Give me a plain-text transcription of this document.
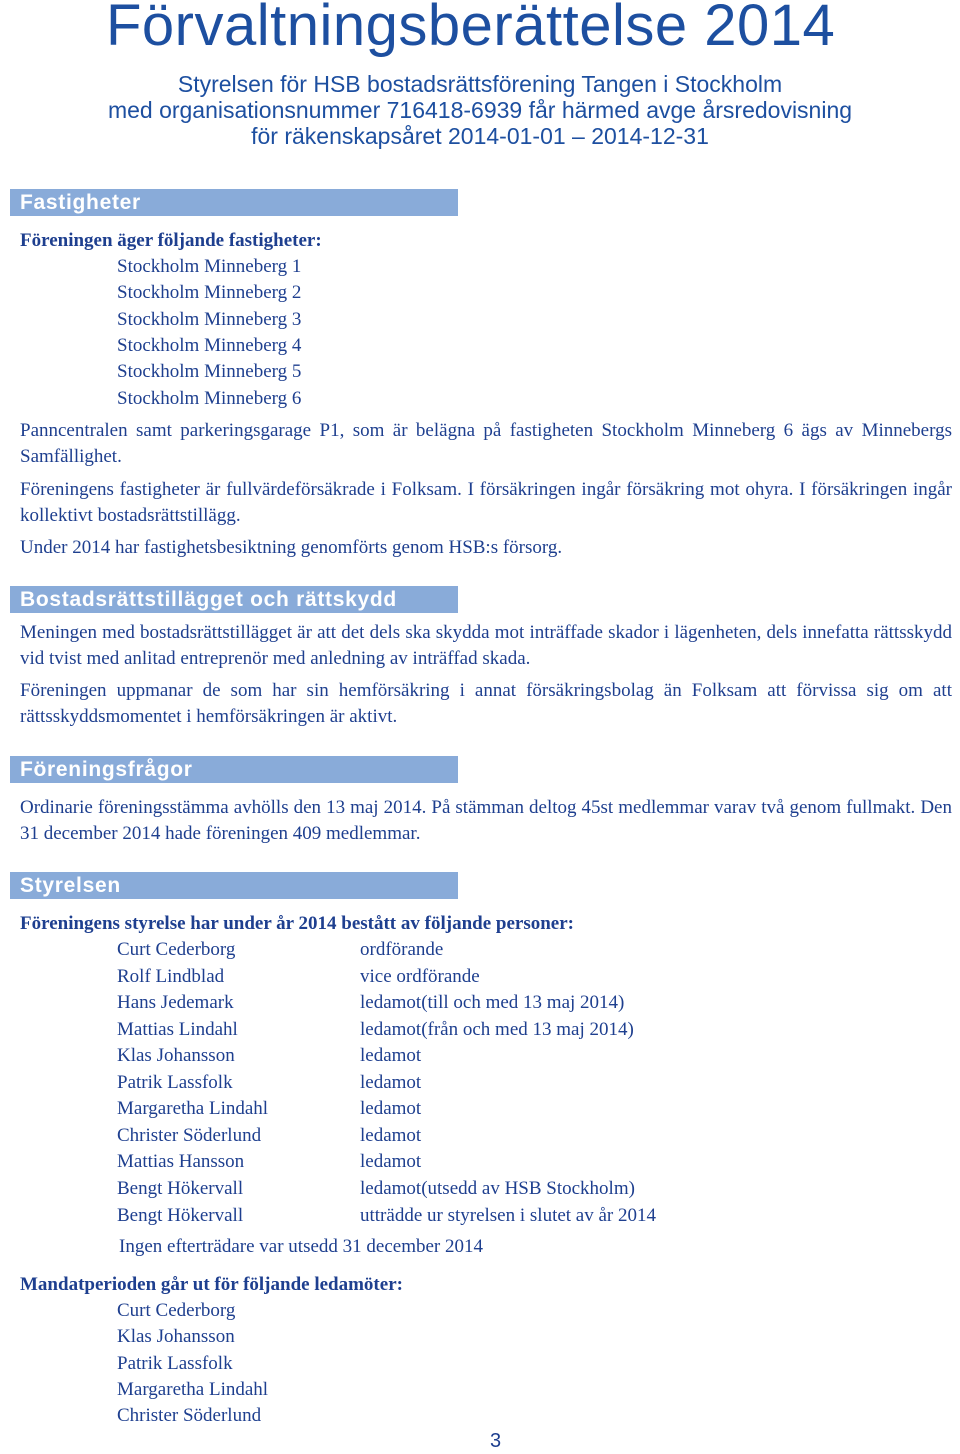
Förvaltningsberättelse 2014

Styrelsen för HSB bostadsrättsförening Tangen i Stockholm

med organisationsnummer 716418-6939 får härmed avge årsredovisning

för räkenskapsåret 2014-01-01 – 2014-12-31

Fastigheter

Föreningen äger följande fastigheter:

Stockholm Minneberg 1

Stockholm Minneberg 2

Stockholm Minneberg 3

Stockholm Minneberg 4

Stockholm Minneberg 5

Stockholm Minneberg 6

Panncentralen samt parkeringsgarage P1, som är belägna på fastigheten Stockholm Minneberg 6 ägs av Minnebergs Samfällighet.

Föreningens fastigheter är fullvärdeförsäkrade i Folksam. I försäkringen ingår försäkring mot ohyra. I försäkringen ingår kollektivt bostadsrättstillägg.

Under 2014 har fastighetsbesiktning genomförts genom HSB:s försorg.

Bostadsrättstillägget och rättskydd

Meningen med bostadsrättstillägget är att det dels ska skydda mot inträffade skador i lägenheten, dels innefatta rättsskydd vid tvist med anlitad entreprenör med anledning av inträffad skada.

Föreningen uppmanar de som har sin hemförsäkring i annat försäkringsbolag än Folksam att förvissa sig om att rättsskyddsmomentet i hemförsäkringen är aktivt.

Föreningsfrågor

Ordinarie föreningsstämma avhölls den 13 maj 2014. På stämman deltog 45st medlemmar varav två genom fullmakt. Den 31 december 2014 hade föreningen 409 medlemmar.

Styrelsen

Föreningens styrelse har under år 2014 bestått av följande personer:

Curt Cederborg	ordförande

Rolf Lindblad	vice ordförande

Hans Jedemark	ledamot(till och med 13 maj 2014)

Mattias Lindahl	ledamot(från och med 13 maj 2014)

Klas Johansson	ledamot

Patrik Lassfolk	ledamot

Margaretha Lindahl	ledamot

Christer Söderlund	ledamot

Mattias Hansson	ledamot

Bengt Hökervall	ledamot(utsedd av HSB Stockholm)

Bengt Hökervall	utträdde ur styrelsen i slutet av år 2014

Ingen efterträdare var utsedd 31 december 2014

Mandatperioden går ut för följande ledamöter:

Curt Cederborg

Klas Johansson

Patrik Lassfolk

Margaretha Lindahl

Christer Söderlund

3
